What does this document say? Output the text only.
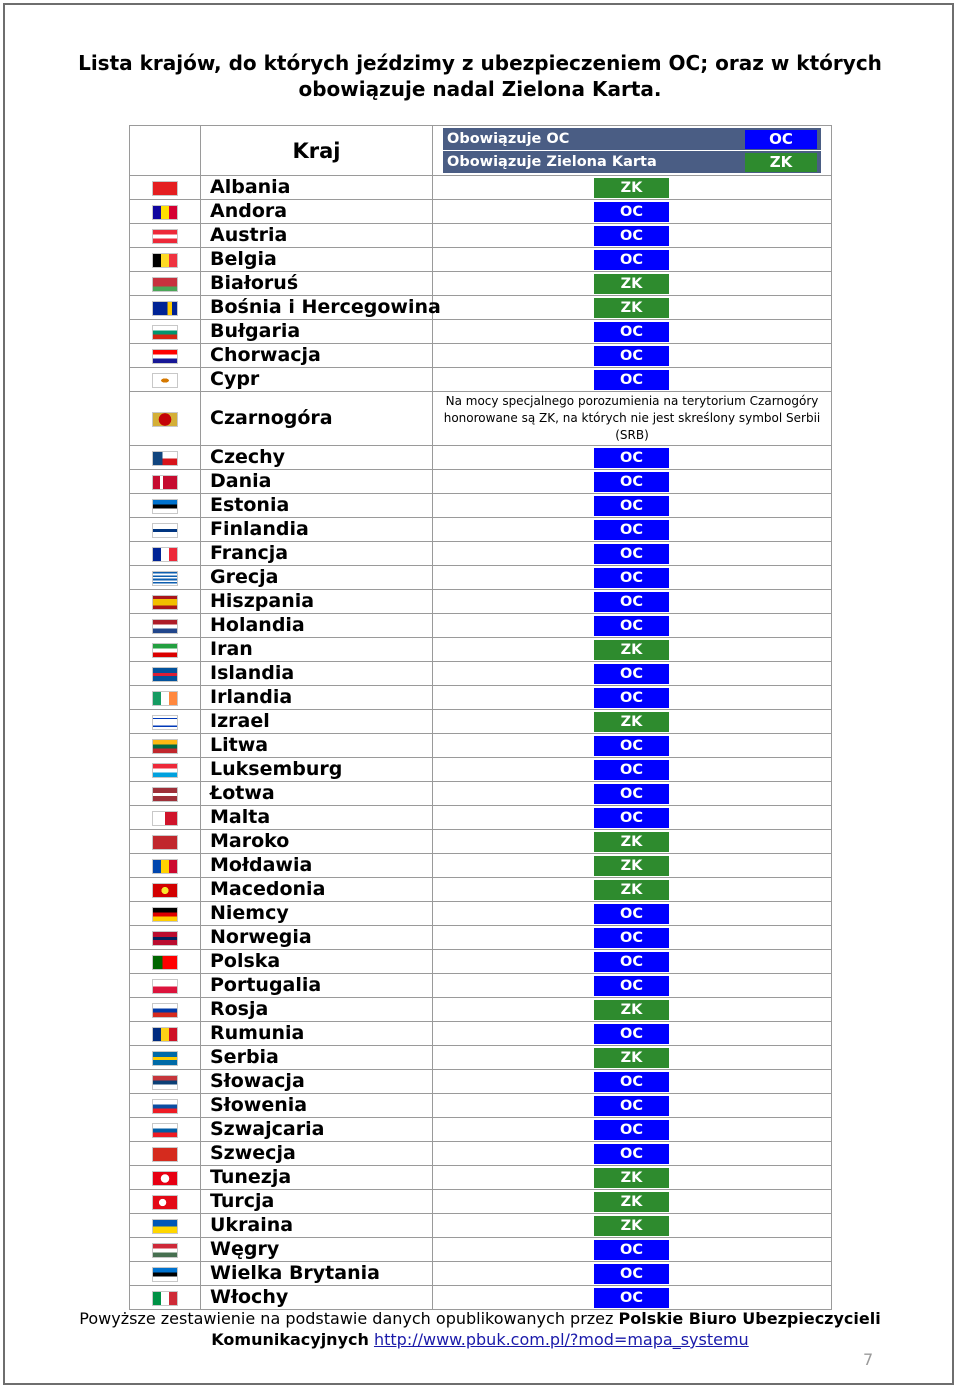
Lista krajów, do których jeździmy z ubezpieczeniem OC; oraz w których obowiązuje nadal Zielona Karta.
	Kraj	Obowiązuje OC OC
Obowiązuje Zielona Karta ZK

	Albania	ZK

	Andora	OC

	Austria	OC

	Belgia	OC

	Białoruś	ZK

	Bośnia i Hercegowina	ZK

	Bułgaria	OC

	Chorwacja	OC

	Cypr	OC

	Czarnogóra	Na mocy specjalnego porozumienia na terytorium Czarnogóry honorowane są ZK, na których nie jest skreślony symbol Serbii (SRB)

	Czechy	OC

	Dania	OC

	Estonia	OC

	Finlandia	OC

	Francja	OC

	Grecja	OC

	Hiszpania	OC

	Holandia	OC

	Iran	ZK

	Islandia	OC

	Irlandia	OC

	Izrael	ZK

	Litwa	OC

	Luksemburg	OC

	Łotwa	OC

	Malta	OC

	Maroko	ZK

	Mołdawia	ZK

	Macedonia	ZK

	Niemcy	OC

	Norwegia	OC

	Polska	OC

	Portugalia	OC

	Rosja	ZK

	Rumunia	OC

	Serbia	ZK

	Słowacja	OC

	Słowenia	OC

	Szwajcaria	OC

	Szwecja	OC

	Tunezja	ZK

	Turcja	ZK

	Ukraina	ZK

	Węgry	OC

	Wielka Brytania	OC

	Włochy	OC
Powyższe zestawienie na podstawie danych opublikowanych przez Polskie Biuro Ubezpieczycieli Komunikacyjnych http://www.pbuk.com.pl/?mod=mapa_systemu
7
